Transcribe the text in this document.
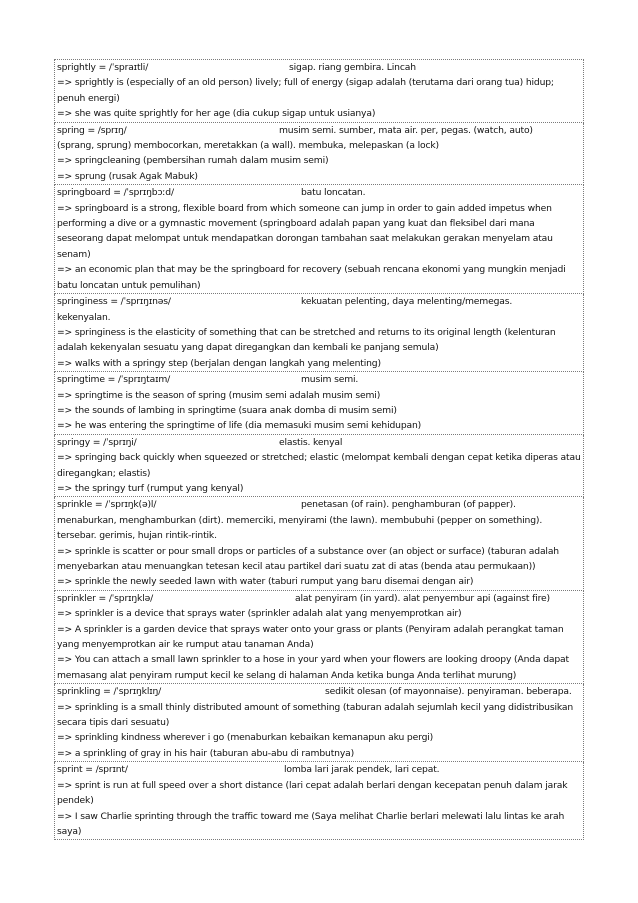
sprightly = /ˈspraɪtli/	sigap. riang gembira. Lincah
=> sprightly is (especially of an old person) lively; full of energy (sigap adalah (terutama dari orang tua) hidup; penuh energi)
=> she was quite sprightly for her age (dia cukup sigap untuk usianya)
spring = /sprɪŋ/	musim semi. sumber, mata air. per, pegas. (watch, auto)
(sprang, sprung) membocorkan, meretakkan (a wall). membuka, melepaskan (a lock)
=> springcleaning (pembersihan rumah dalam musim semi)
=> sprung (rusak Agak Mabuk)
springboard = /ˈsprɪŋbɔːd/	batu loncatan.
=> springboard is a strong, flexible board from which someone can jump in order to gain added impetus when performing a dive or a gymnastic movement (springboard adalah papan yang kuat dan fleksibel dari mana seseorang dapat melompat untuk mendapatkan dorongan tambahan saat melakukan gerakan menyelam atau senam)
=> an economic plan that may be the springboard for recovery (sebuah rencana ekonomi yang mungkin menjadi batu loncatan untuk pemulihan)
springiness = /ˈsprɪŋɪnəs/	kekuatan pelenting, daya melenting/memegas.
kekenyalan.
=> springiness is the elasticity of something that can be stretched and returns to its original length (kelenturan adalah kekenyalan sesuatu yang dapat diregangkan dan kembali ke panjang semula)
=> walks with a springy step (berjalan dengan langkah yang melenting)
springtime = /ˈsprɪŋtaɪm/	musim semi.
=> springtime is the season of spring (musim semi adalah musim semi)
=> the sounds of lambing in springtime (suara anak domba di musim semi)
=> he was entering the springtime of life (dia memasuki musim semi kehidupan)
springy = /ˈsprɪŋi/	elastis. kenyal
=> springing back quickly when squeezed or stretched; elastic (melompat kembali dengan cepat ketika diperas atau diregangkan; elastis)
=> the springy turf (rumput yang kenyal)
sprinkle = /ˈsprɪŋk(ə)l/	penetasan (of rain). penghamburan (of papper).
menaburkan, menghamburkan (dirt). memerciki, menyirami (the lawn). membubuhi (pepper on something). tersebar. gerimis, hujan rintik-rintik.
=> sprinkle is scatter or pour small drops or particles of a substance over (an object or surface) (taburan adalah menyebarkan atau menuangkan tetesan kecil atau partikel dari suatu zat di atas (benda atau permukaan))
=> sprinkle the newly seeded lawn with water (taburi rumput yang baru disemai dengan air)
sprinkler = /ˈsprɪŋklə/	alat penyiram (in yard). alat penyembur api (against fire)
=> sprinkler is a device that sprays water (sprinkler adalah alat yang menyemprotkan air)
=> A sprinkler is a garden device that sprays water onto your grass or plants (Penyiram adalah perangkat taman yang menyemprotkan air ke rumput atau tanaman Anda)
=> You can attach a small lawn sprinkler to a hose in your yard when your flowers are looking droopy (Anda dapat memasang alat penyiram rumput kecil ke selang di halaman Anda ketika bunga Anda terlihat murung)
sprinkling = /ˈsprɪŋklɪŋ/	sedikit olesan (of mayonnaise). penyiraman. beberapa.
=> sprinkling is a small thinly distributed amount of something (taburan adalah sejumlah kecil yang didistribusikan secara tipis dari sesuatu)
=> sprinkling kindness wherever i go (menaburkan kebaikan kemanapun aku pergi)
=> a sprinkling of gray in his hair (taburan abu-abu di rambutnya)
sprint = /sprɪnt/	lomba lari jarak pendek, lari cepat.
=> sprint is run at full speed over a short distance (lari cepat adalah berlari dengan kecepatan penuh dalam jarak pendek)
=> I saw Charlie sprinting through the traffic toward me (Saya melihat Charlie berlari melewati lalu lintas ke arah saya)
